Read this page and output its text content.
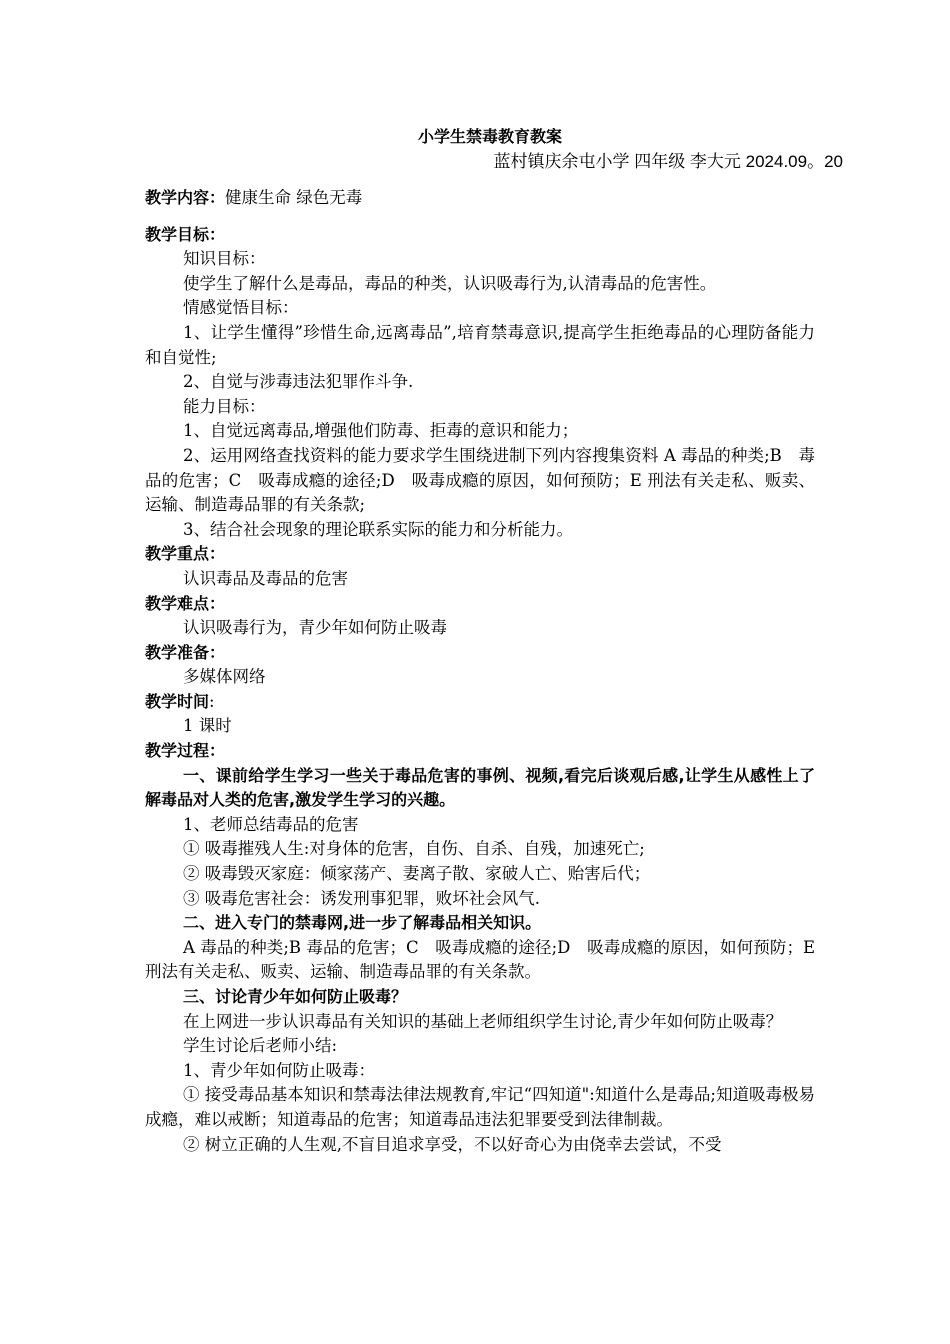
小学生禁毒教育教案
蓝村镇庆余屯小学 四年级 李大元 2024.09。20

教学内容：健康生命 绿色无毒

教学目标：

知识目标：

使学生了解什么是毒品，毒品的种类，认识吸毒行为,认清毒品的危害性。

情感觉悟目标：

1、让学生懂得”珍惜生命,远离毒品”,培育禁毒意识,提高学生拒绝毒品的心理防备能力和自觉性;

2、自觉与涉毒违法犯罪作斗争.

能力目标：

1、自觉远离毒品,增强他们防毒、拒毒的意识和能力；

2、运用网络查找资料的能力要求学生围绕进制下列内容搜集资料 A 毒品的种类;B　毒品的危害；C　吸毒成瘾的途径;D　吸毒成瘾的原因，如何预防；E 刑法有关走私、贩卖、运输、制造毒品罪的有关条款;

3、结合社会现象的理论联系实际的能力和分析能力。

教学重点：

认识毒品及毒品的危害

教学难点：

认识吸毒行为，青少年如何防止吸毒

教学准备：

多媒体网络

教学时间:

1 课时

教学过程：

一、课前给学生学习一些关于毒品危害的事例、视频,看完后谈观后感,让学生从感性上了解毒品对人类的危害,激发学生学习的兴趣。

1、老师总结毒品的危害

① 吸毒摧残人生:对身体的危害，自伤、自杀、自残，加速死亡;

② 吸毒毁灭家庭：倾家荡产、妻离子散、家破人亡、贻害后代；

③ 吸毒危害社会：诱发刑事犯罪，败坏社会风气.

二、进入专门的禁毒网,进一步了解毒品相关知识。

A 毒品的种类;B 毒品的危害；C　吸毒成瘾的途径;D　吸毒成瘾的原因，如何预防；E 刑法有关走私、贩卖、运输、制造毒品罪的有关条款。

三、讨论青少年如何防止吸毒？

在上网进一步认识毒品有关知识的基础上老师组织学生讨论,青少年如何防止吸毒？

学生讨论后老师小结:

1、青少年如何防止吸毒：

① 接受毒品基本知识和禁毒法律法规教育,牢记“四知道":知道什么是毒品;知道吸毒极易成瘾，难以戒断；知道毒品的危害；知道毒品违法犯罪要受到法律制裁。

② 树立正确的人生观,不盲目追求享受，不以好奇心为由侥幸去尝试，不受
